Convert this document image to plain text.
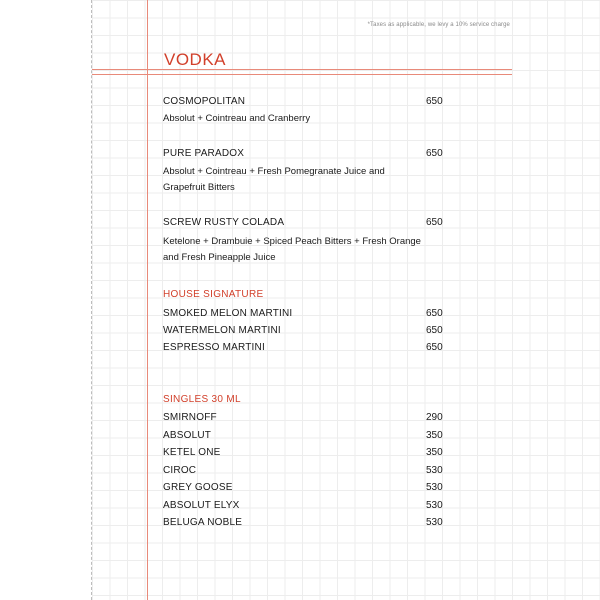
*Taxes as applicable, we levy a 10% service charge
VODKA
COSMOPOLITAN	650
Absolut + Cointreau and Cranberry
PURE PARADOX	650
Absolut + Cointreau + Fresh Pomegranate Juice and Grapefruit Bitters
SCREW RUSTY COLADA	650
Ketelone + Drambuie + Spiced Peach Bitters + Fresh Orange and Fresh Pineapple Juice
HOUSE SIGNATURE
SMOKED MELON MARTINI	650
WATERMELON MARTINI	650
ESPRESSO MARTINI	650
SINGLES 30 ML
SMIRNOFF	290
ABSOLUT	350
KETEL ONE	350
CIROC	530
GREY GOOSE	530
ABSOLUT ELYX	530
BELUGA NOBLE	530
